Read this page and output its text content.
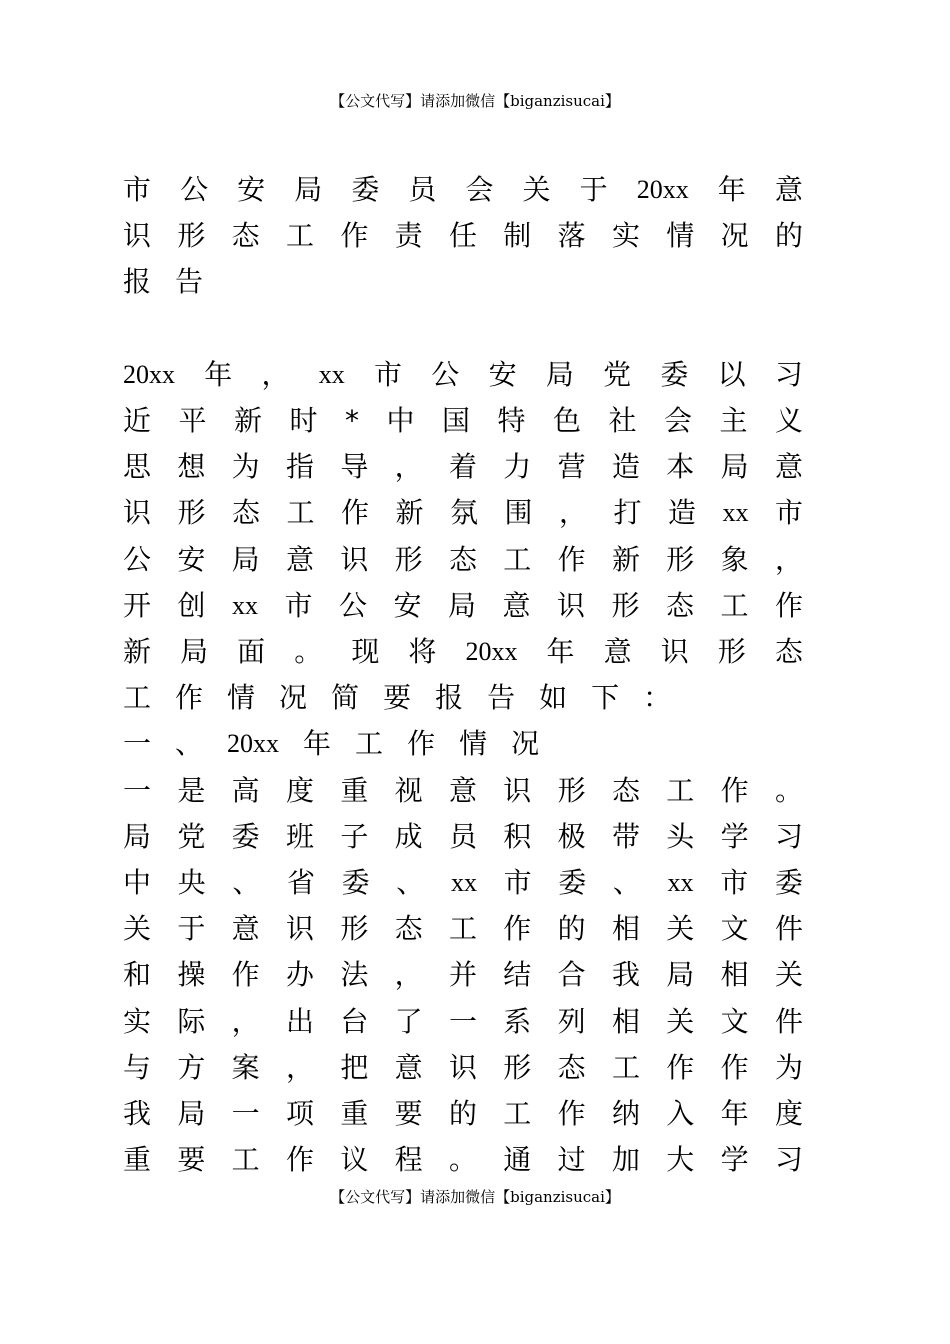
【公文代写】请添加微信【biganzisucai】
市 公 安 局 委 员 会 关 于 20xx 年 意
识 形 态 工 作 责 任 制 落 实 情 况 的
报 告
20xx 年 ， xx 市 公 安 局 党 委 以 习
近 平 新 时 * 中 国 特 色 社 会 主 义
思 想 为 指 导 ， 着 力 营 造 本 局 意
识 形 态 工 作 新 氛 围 ， 打 造 xx 市
公 安 局 意 识 形 态 工 作 新 形 象 ，
开 创 xx 市 公 安 局 意 识 形 态 工 作
新 局 面 。 现 将 20xx 年 意 识 形 态
工 作 情 况 简 要 报 告 如 下 ：
一 、 20xx 年 工 作 情 况
一 是 高 度 重 视 意 识 形 态 工 作 。
局 党 委 班 子 成 员 积 极 带 头 学 习
中 央 、 省 委 、 xx 市 委 、 xx 市 委
关 于 意 识 形 态 工 作 的 相 关 文 件
和 操 作 办 法 ， 并 结 合 我 局 相 关
实 际 ， 出 台 了 一 系 列 相 关 文 件
与 方 案 ， 把 意 识 形 态 工 作 作 为
我 局 一 项 重 要 的 工 作 纳 入 年 度
重 要 工 作 议 程 。 通 过 加 大 学 习
【公文代写】请添加微信【biganzisucai】
